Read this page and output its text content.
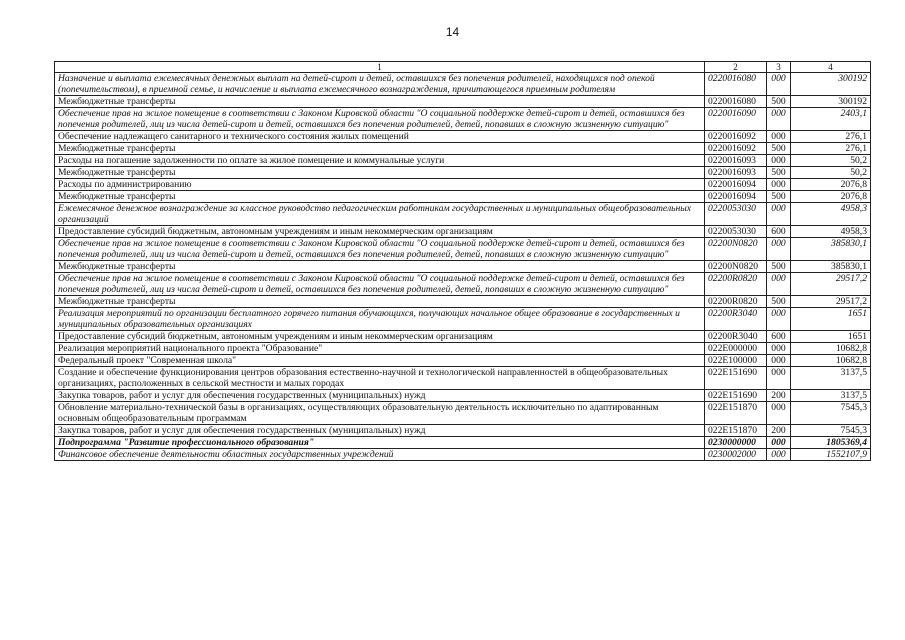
14
1	2	3	4
Назначение и выплата ежемесячных денежных выплат на детей-сирот и детей, оставшихся без попечения родителей, находящихся под опекой (попечительством), в приемной семье, и начисление и выплата ежемесячного вознаграждения, причитающегося приемным родителям	0220016080	000	300192
Межбюджетные трансферты	0220016080	500	300192
Обеспечение прав на жилое помещение в соответствии с Законом Кировской области "О социальной поддержке детей-сирот и детей, оставшихся без попечения родителей, лиц из числа детей-сирот и детей, оставшихся без попечения родителей, детей, попавших в сложную жизненную ситуацию"	0220016090	000	2403,1
Обеспечение надлежащего санитарного и технического состояния жилых помещений	0220016092	000	276,1
Межбюджетные трансферты	0220016092	500	276,1
Расходы на погашение задолженности по оплате за жилое помещение и коммунальные услуги	0220016093	000	50,2
Межбюджетные трансферты	0220016093	500	50,2
Расходы по администрированию	0220016094	000	2076,8
Межбюджетные трансферты	0220016094	500	2076,8
Ежемесячное денежное вознаграждение за классное руководство педагогическим работникам государственных и муниципальных общеобразовательных организаций	0220053030	000	4958,3
Предоставление субсидий бюджетным, автономным учреждениям и иным некоммерческим организациям	0220053030	600	4958,3
Обеспечение прав на жилое помещение в соответствии с Законом Кировской области "О социальной поддержке детей-сирот и детей, оставшихся без попечения родителей, лиц из числа детей-сирот и детей, оставшихся без попечения родителей, детей, попавших в сложную жизненную ситуацию"	02200N0820	000	385830,1
Межбюджетные трансферты	02200N0820	500	385830,1
Обеспечение прав на жилое помещение в соответствии с Законом Кировской области "О социальной поддержке детей-сирот и детей, оставшихся без попечения родителей, лиц из числа детей-сирот и детей, оставшихся без попечения родителей, детей, попавших в сложную жизненную ситуацию"	02200R0820	000	29517,2
Межбюджетные трансферты	02200R0820	500	29517,2
Реализация мероприятий по организации бесплатного горячего питания обучающихся, получающих начальное общее образование в государственных и муниципальных образовательных организациях	02200R3040	000	1651
Предоставление субсидий бюджетным, автономным учреждениям и иным некоммерческим организациям	02200R3040	600	1651
Реализация мероприятий национального проекта "Образование"	022E000000	000	10682,8
Федеральный проект "Современная школа"	022E100000	000	10682,8
Создание и обеспечение функционирования центров образования естественно-научной и технологической направленностей в общеобразовательных организациях, расположенных в сельской местности и малых городах	022E151690	000	3137,5
Закупка товаров, работ и услуг для обеспечения государственных (муниципальных) нужд	022E151690	200	3137,5
Обновление материально-технической базы в организациях, осуществляющих образовательную деятельность исключительно по адаптированным основным общеобразовательным программам	022E151870	000	7545,3
Закупка товаров, работ и услуг для обеспечения государственных (муниципальных) нужд	022E151870	200	7545,3
Подпрограмма "Развитие профессионального образования"	0230000000	000	1805369,4
Финансовое обеспечение деятельности областных государственных учреждений	0230002000	000	1552107,9
